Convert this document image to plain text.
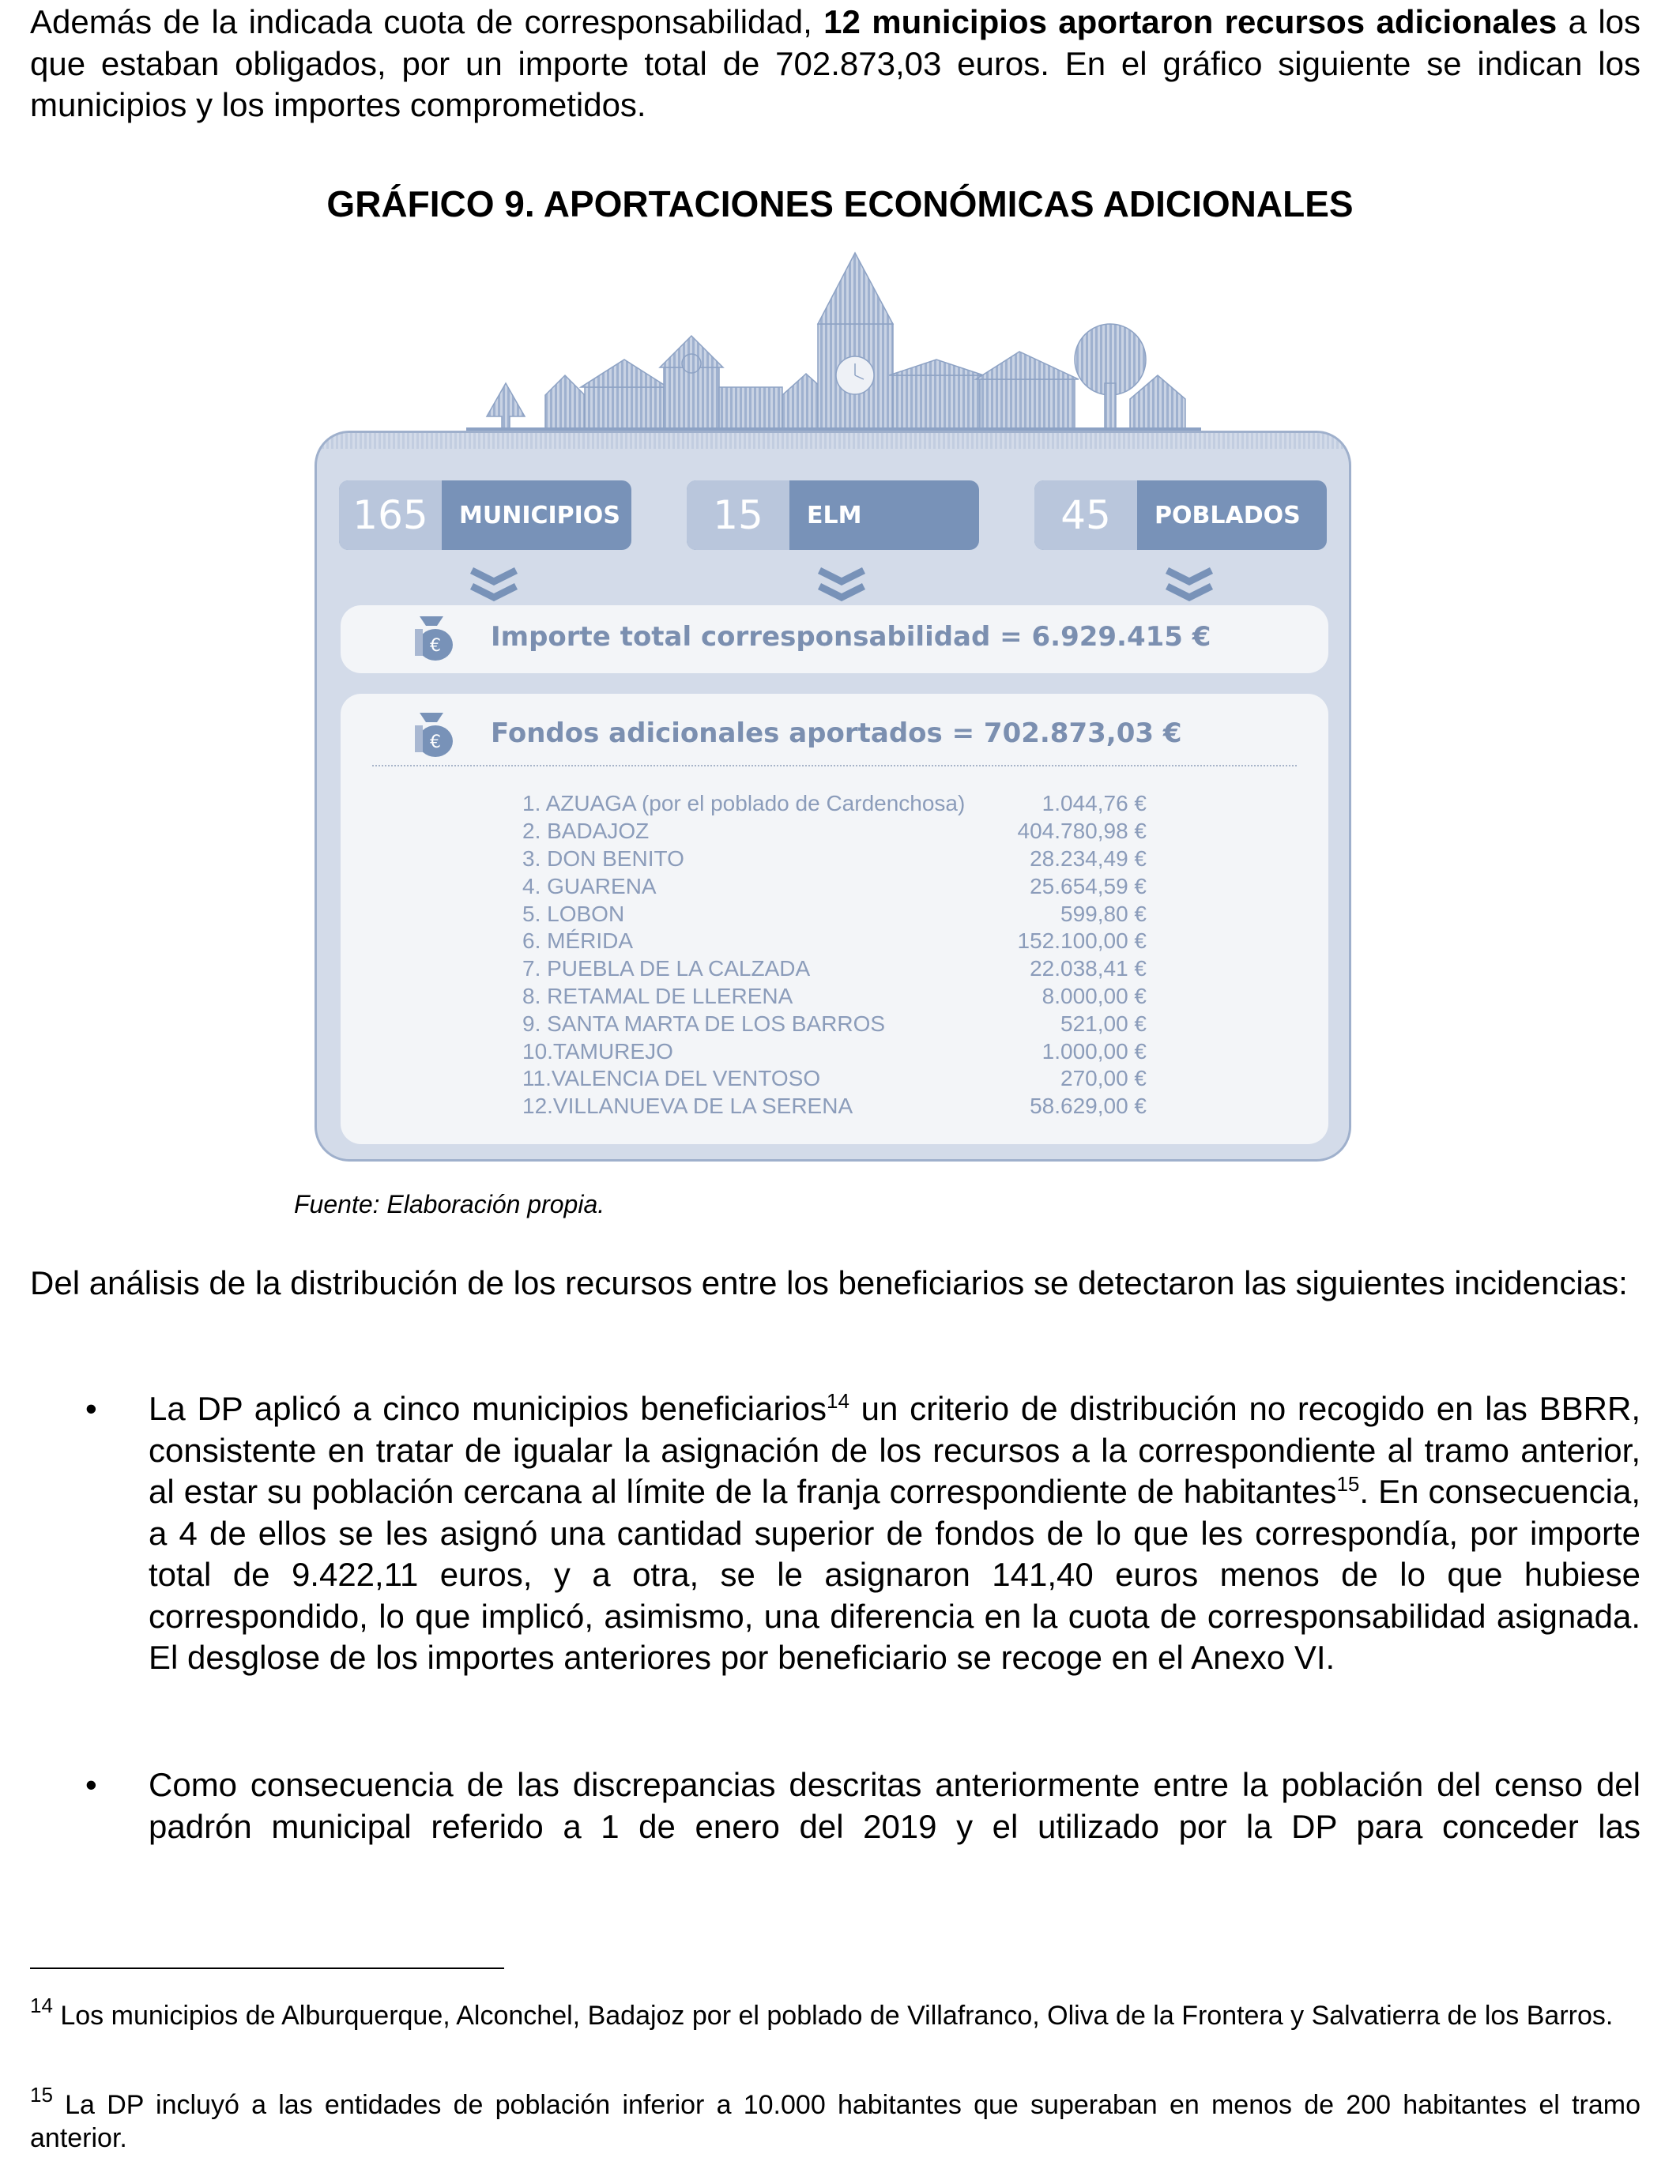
Además de la indicada cuota de corresponsabilidad, 12 municipios aportaron recursos adicionales a los que estaban obligados, por un importe total de 702.873,03 euros. En el gráfico siguiente se indican los municipios y los importes comprometidos.

GRÁFICO 9. APORTACIONES ECONÓMICAS ADICIONALES
165	MUNICIPIOS	15	ELM	45	POBLADOS
€ Importe total corresponsabilidad = 6.929.415 €
€ Fondos adicionales aportados = 702.873,03 €
1. AZUAGA (por el poblado de Cardenchosa)	1.044,76 €
2. BADAJOZ	404.780,98 €
3. DON BENITO	28.234,49 €
4. GUARENA	25.654,59 €
5. LOBON	599,80 €
6. MÉRIDA	152.100,00 €
7. PUEBLA DE LA CALZADA	22.038,41 €
8. RETAMAL DE LLERENA	8.000,00 €
9. SANTA MARTA DE LOS BARROS	521,00 €
10.TAMUREJO	1.000,00 €
11.VALENCIA DEL VENTOSO	270,00 €
12.VILLANUEVA DE LA SERENA	58.629,00 €
Fuente: Elaboración propia.

Del análisis de la distribución de los recursos entre los beneficiarios se detectaron las siguientes incidencias:

• La DP aplicó a cinco municipios beneficiarios$^{14}$ un criterio de distribución no recogido en las BBRR, consistente en tratar de igualar la asignación de los recursos a la correspondiente al tramo anterior, al estar su población cercana al límite de la franja correspondiente de habitantes$^{15}$. En consecuencia, a 4 de ellos se les asignó una cantidad superior de fondos de lo que les correspondía, por importe total de 9.422,11 euros, y a otra, se le asignaron 141,40 euros menos de lo que hubiese correspondido, lo que implicó, asimismo, una diferencia en la cuota de corresponsabilidad asignada. El desglose de los importes anteriores por beneficiario se recoge en el Anexo VI.

• Como consecuencia de las discrepancias descritas anteriormente entre la población del censo del padrón municipal referido a 1 de enero del 2019 y el utilizado por la DP para conceder las

$^{14}$ Los municipios de Alburquerque, Alconchel, Badajoz por el poblado de Villafranco, Oliva de la Frontera y Salvatierra de los Barros.

$^{15}$ La DP incluyó a las entidades de población inferior a 10.000 habitantes que superaban en menos de 200 habitantes el tramo anterior.
